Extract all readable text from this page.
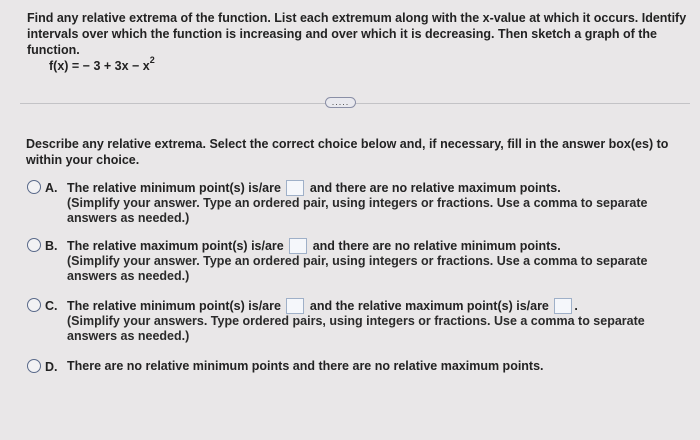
Find any relative extrema of the function. List each extremum along with the x-value at which it occurs. Identify intervals over which the function is increasing and over which it is decreasing. Then sketch a graph of the function.
f(x) = − $3 + 3x - x^2$
.....
Describe any relative extrema. Select the correct choice below and, if necessary, fill in the answer box(es) to within your choice.
A. The relative minimum point(s) is/are and there are no relative maximum points.
(Simplify your answer. Type an ordered pair, using integers or fractions. Use a comma to separate answers as needed.)
B. The relative maximum point(s) is/are and there are no relative minimum points.
(Simplify your answer. Type an ordered pair, using integers or fractions. Use a comma to separate answers as needed.)
C. The relative minimum point(s) is/are and the relative maximum point(s) is/are .
(Simplify your answers. Type ordered pairs, using integers or fractions. Use a comma to separate answers as needed.)
D. There are no relative minimum points and there are no relative maximum points.
